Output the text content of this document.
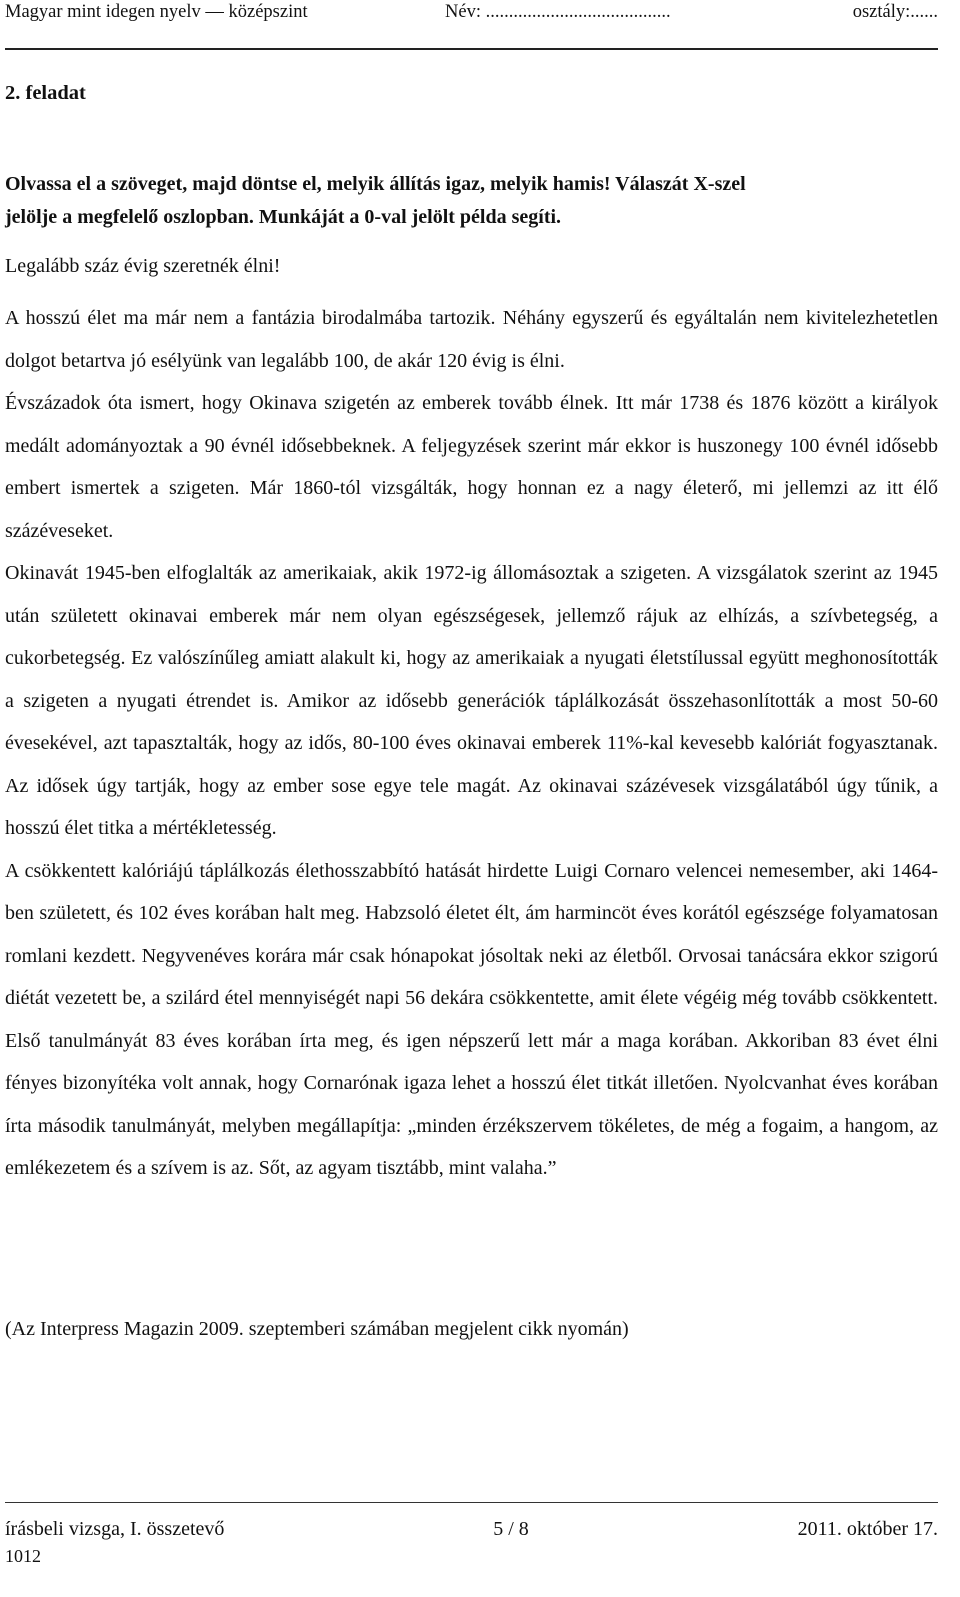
Magyar mint idegen nyelv — középszint	Név: ........................................	osztály:......
2. feladat

Olvassa el a szöveget, majd döntse el, melyik állítás igaz, melyik hamis! Válaszát X-szel

jelölje a megfelelő oszlopban. Munkáját a 0-val jelölt példa segíti.

Legalább száz évig szeretnék élni!

A hosszú élet ma már nem a fantázia birodalmába tartozik. Néhány egyszerű és egyáltalán nem kivitelezhetetlen dolgot betartva jó esélyünk van legalább 100, de akár 120 évig is élni.

Évszázadok óta ismert, hogy Okinava szigetén az emberek tovább élnek. Itt már 1738 és 1876 között a királyok medált adományoztak a 90 évnél idősebbeknek. A feljegyzések szerint már ekkor is huszonegy 100 évnél idősebb embert ismertek a szigeten. Már 1860-tól vizsgálták, hogy honnan ez a nagy életerő, mi jellemzi az itt élő százéveseket.

Okinavát 1945-ben elfoglalták az amerikaiak, akik 1972-ig állomásoztak a szigeten. A vizsgálatok szerint az 1945 után született okinavai emberek már nem olyan egészségesek, jellemző rájuk az elhízás, a szívbetegség, a cukorbetegség. Ez valószínűleg amiatt alakult ki, hogy az amerikaiak a nyugati életstílussal együtt meghonosították a szigeten a nyugati étrendet is. Amikor az idősebb generációk táplálkozását összehasonlították a most 50-60 évesekével, azt tapasztalták, hogy az idős, 80-100 éves okinavai emberek 11%-kal kevesebb kalóriát fogyasztanak. Az idősek úgy tartják, hogy az ember sose egye tele magát. Az okinavai százévesek vizsgálatából úgy tűnik, a hosszú élet titka a mértékletesség.

A csökkentett kalóriájú táplálkozás élethosszabbító hatását hirdette Luigi Cornaro velencei nemesember, aki 1464-ben született, és 102 éves korában halt meg. Habzsoló életet élt, ám harmincöt éves korától egészsége folyamatosan romlani kezdett. Negyvenéves korára már csak hónapokat jósoltak neki az életből. Orvosai tanácsára ekkor szigorú diétát vezetett be, a szilárd étel mennyiségét napi 56 dekára csökkentette, amit élete végéig még tovább csökkentett. Első tanulmányát 83 éves korában írta meg, és igen népszerű lett már a maga korában. Akkoriban 83 évet élni fényes bizonyítéka volt annak, hogy Cornarónak igaza lehet a hosszú élet titkát illetően. Nyolcvanhat éves korában írta második tanulmányát, melyben megállapítja: „minden érzékszervem tökéletes, de még a fogaim, a hangom, az emlékezetem és a szívem is az. Sőt, az agyam tisztább, mint valaha.”

(Az Interpress Magazin 2009. szeptemberi számában megjelent cikk nyomán)
írásbeli vizsga, I. összetevő	5 / 8	2011. október 17.
1012
